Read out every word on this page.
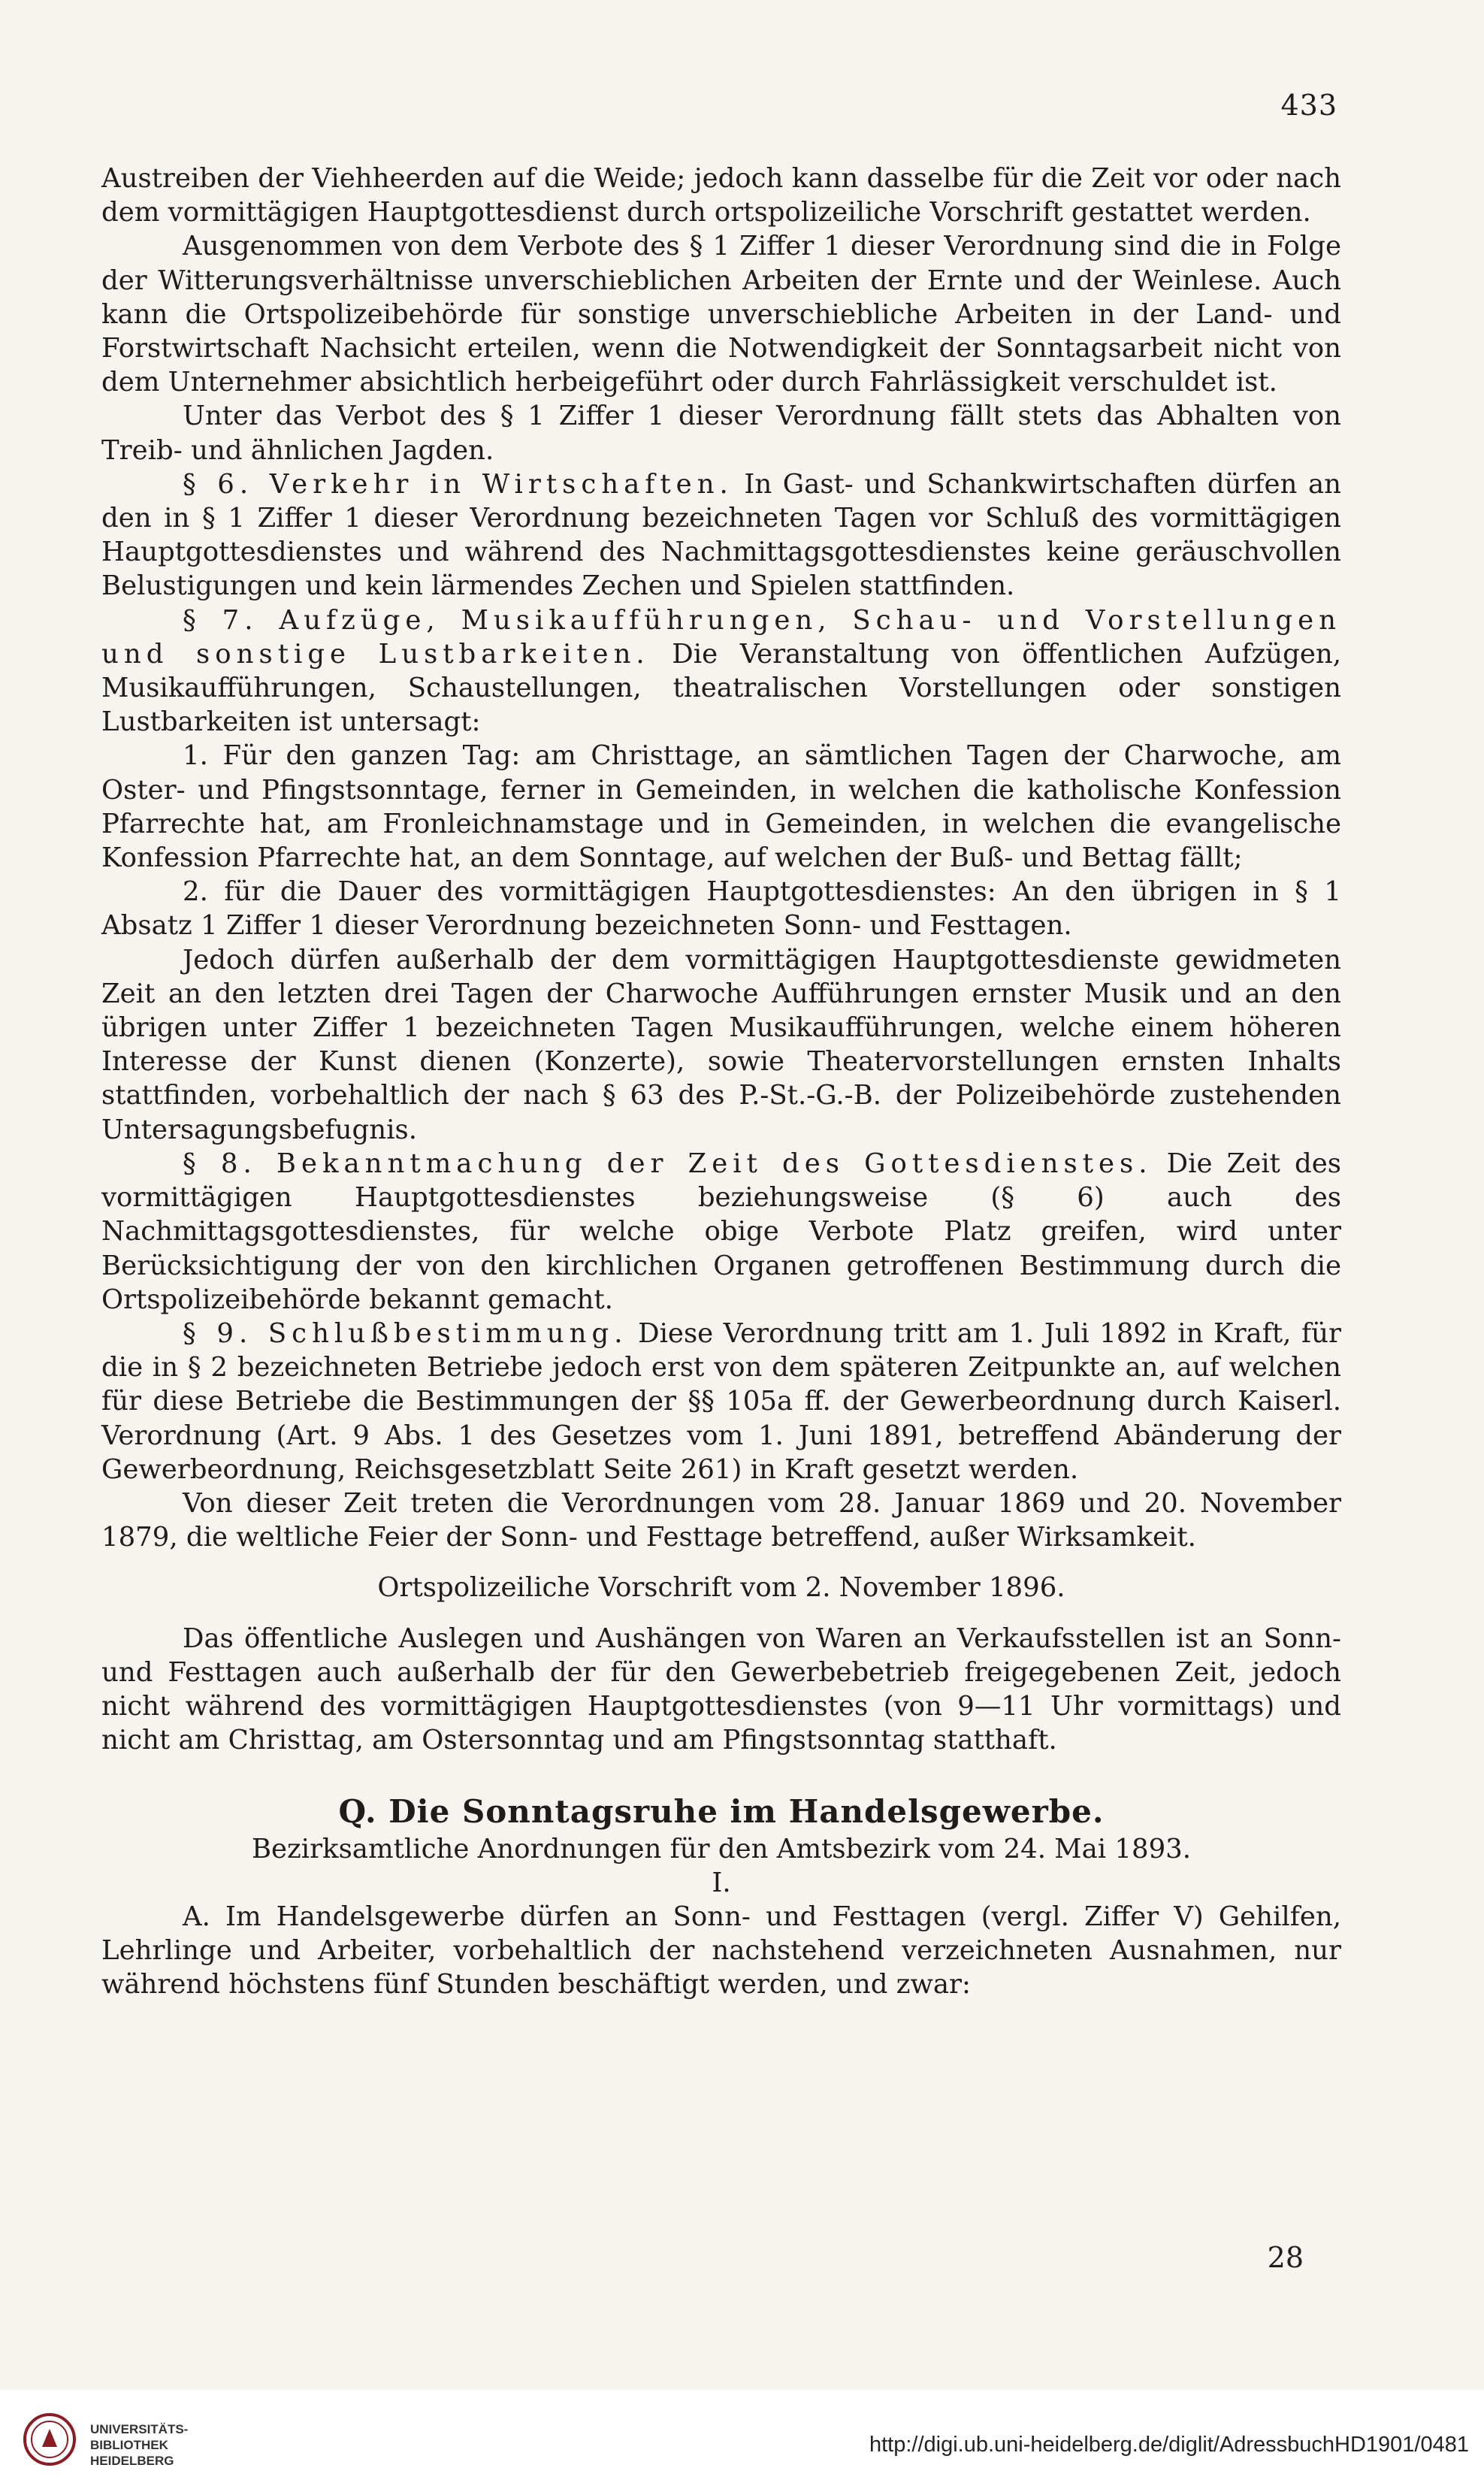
433

Austreiben der Viehheerden auf die Weide; jedoch kann dasselbe für die Zeit vor oder nach dem vormittägigen Hauptgottesdienst durch ortspolizeiliche Vorschrift gestattet werden.

Ausgenommen von dem Verbote des § 1 Ziffer 1 dieser Verordnung sind die in Folge der Witterungsverhältnisse unverschieblichen Arbeiten der Ernte und der Weinlese. Auch kann die Ortspolizeibehörde für sonstige unverschiebliche Arbeiten in der Land- und Forstwirtschaft Nachsicht erteilen, wenn die Notwendigkeit der Sonntagsarbeit nicht von dem Unternehmer absichtlich herbeigeführt oder durch Fahrlässigkeit verschuldet ist.

Unter das Verbot des § 1 Ziffer 1 dieser Verordnung fällt stets das Abhalten von Treib- und ähnlichen Jagden.

§ 6. Verkehr in Wirtschaften. In Gast- und Schankwirtschaften dürfen an den in § 1 Ziffer 1 dieser Verordnung bezeichneten Tagen vor Schluß des vormittägigen Hauptgottesdienstes und während des Nachmittagsgottesdienstes keine geräuschvollen Belustigungen und kein lärmendes Zechen und Spielen stattfinden.

§ 7. Aufzüge, Musikaufführungen, Schau- und Vorstellungen und sonstige Lustbarkeiten. Die Veranstaltung von öffentlichen Aufzügen, Musikaufführungen, Schaustellungen, theatralischen Vorstellungen oder sonstigen Lustbarkeiten ist untersagt:

1. Für den ganzen Tag: am Christtage, an sämtlichen Tagen der Charwoche, am Oster- und Pfingstsonntage, ferner in Gemeinden, in welchen die katholische Konfession Pfarrechte hat, am Fronleichnamstage und in Gemeinden, in welchen die evangelische Konfession Pfarrechte hat, an dem Sonntage, auf welchen der Buß- und Bettag fällt;

2. für die Dauer des vormittägigen Hauptgottesdienstes: An den übrigen in § 1 Absatz 1 Ziffer 1 dieser Verordnung bezeichneten Sonn- und Festtagen.

Jedoch dürfen außerhalb der dem vormittägigen Hauptgottesdienste gewidmeten Zeit an den letzten drei Tagen der Charwoche Aufführungen ernster Musik und an den übrigen unter Ziffer 1 bezeichneten Tagen Musikaufführungen, welche einem höheren Interesse der Kunst dienen (Konzerte), sowie Theatervorstellungen ernsten Inhalts stattfinden, vorbehaltlich der nach § 63 des P.-St.-G.-B. der Polizeibehörde zustehenden Untersagungsbefugnis.

§ 8. Bekanntmachung der Zeit des Gottesdienstes. Die Zeit des vormittägigen Hauptgottesdienstes beziehungsweise (§ 6) auch des Nachmittagsgottesdienstes, für welche obige Verbote Platz greifen, wird unter Berücksichtigung der von den kirchlichen Organen getroffenen Bestimmung durch die Ortspolizeibehörde bekannt gemacht.

§ 9. Schlußbestimmung. Diese Verordnung tritt am 1. Juli 1892 in Kraft, für die in § 2 bezeichneten Betriebe jedoch erst von dem späteren Zeitpunkte an, auf welchen für diese Betriebe die Bestimmungen der §§ 105a ff. der Gewerbeordnung durch Kaiserl. Verordnung (Art. 9 Abs. 1 des Gesetzes vom 1. Juni 1891, betreffend Abänderung der Gewerbeordnung, Reichsgesetzblatt Seite 261) in Kraft gesetzt werden.

Von dieser Zeit treten die Verordnungen vom 28. Januar 1869 und 20. November 1879, die weltliche Feier der Sonn- und Festtage betreffend, außer Wirksamkeit.

Ortspolizeiliche Vorschrift vom 2. November 1896.

Das öffentliche Auslegen und Aushängen von Waren an Verkaufsstellen ist an Sonn- und Festtagen auch außerhalb der für den Gewerbebetrieb freigegebenen Zeit, jedoch nicht während des vormittägigen Hauptgottesdienstes (von 9—11 Uhr vormittags) und nicht am Christtag, am Ostersonntag und am Pfingstsonntag statthaft.

Q. Die Sonntagsruhe im Handelsgewerbe.

Bezirksamtliche Anordnungen für den Amtsbezirk vom 24. Mai 1893.

I.

A. Im Handelsgewerbe dürfen an Sonn- und Festtagen (vergl. Ziffer V) Gehilfen, Lehrlinge und Arbeiter, vorbehaltlich der nachstehend verzeichneten Ausnahmen, nur während höchstens fünf Stunden beschäftigt werden, und zwar:

28
UNIVERSITÄTS-
BIBLIOTHEK
HEIDELBERG
http://digi.ub.uni-heidelberg.de/diglit/AdressbuchHD1901/0481
